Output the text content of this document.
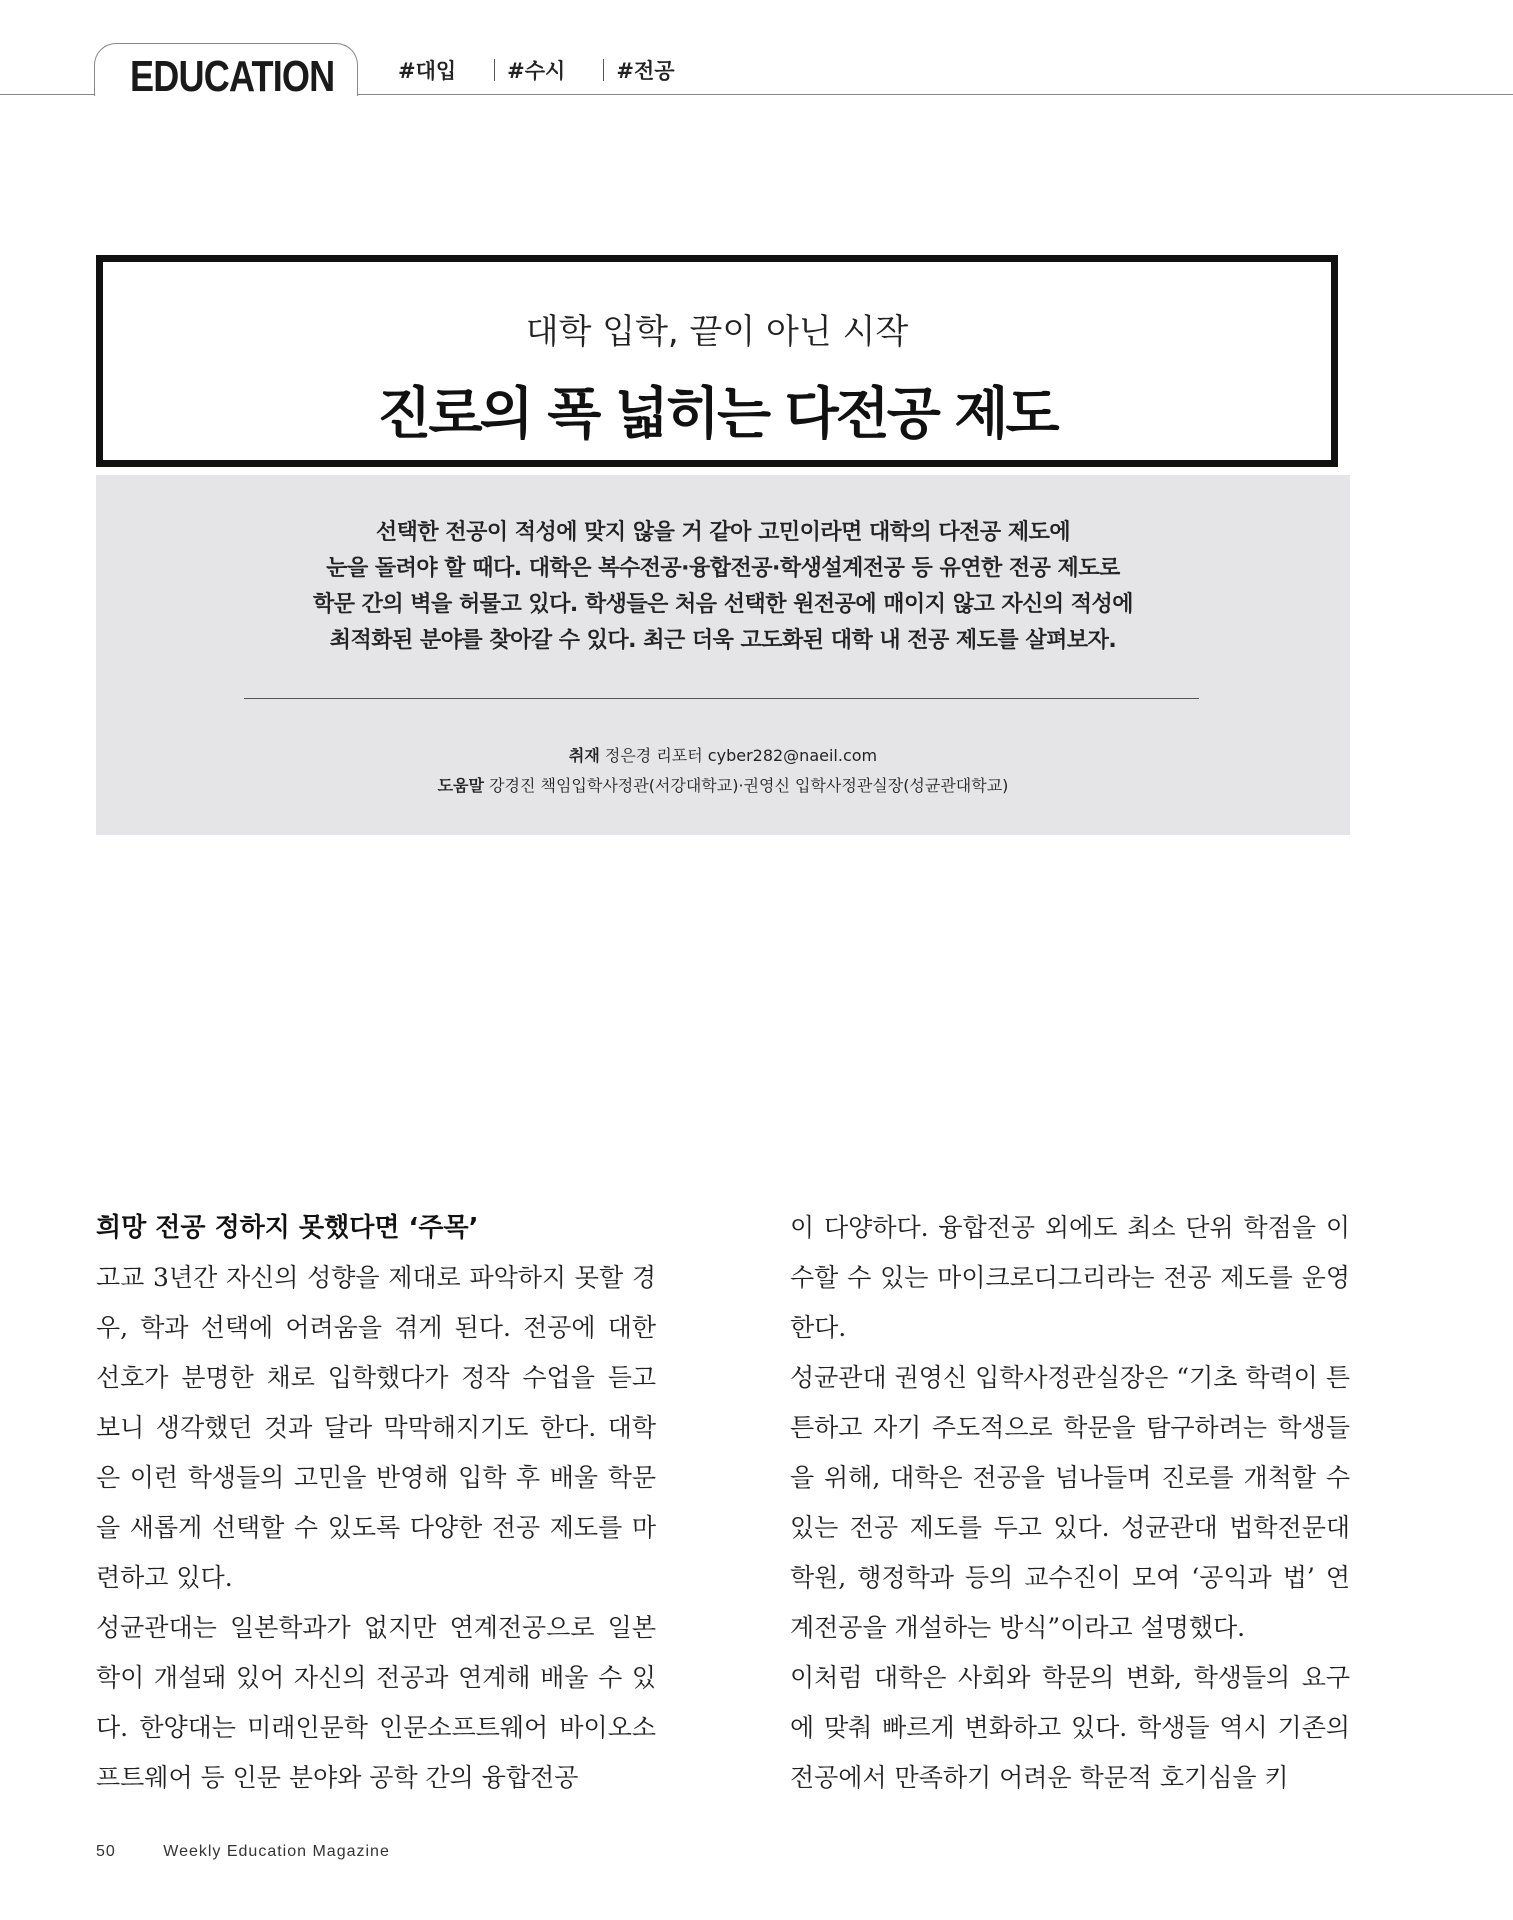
EDUCATION	#대입	#수시	#전공
대학 입학, 끝이 아닌 시작
진로의 폭 넓히는 다전공 제도
선택한 전공이 적성에 맞지 않을 거 같아 고민이라면 대학의 다전공 제도에
눈을 돌려야 할 때다. 대학은 복수전공·융합전공·학생설계전공 등 유연한 전공 제도로
학문 간의 벽을 허물고 있다. 학생들은 처음 선택한 원전공에 매이지 않고 자신의 적성에
최적화된 분야를 찾아갈 수 있다. 최근 더욱 고도화된 대학 내 전공 제도를 살펴보자.
취재 정은경 리포터 cyber282@naeil.com
도움말 강경진 책임입학사정관(서강대학교)·권영신 입학사정관실장(성균관대학교)
희망 전공 정하지 못했다면 ‘주목’

고교 3년간 자신의 성향을 제대로 파악하지 못할 경우, 학과 선택에 어려움을 겪게 된다. 전공에 대한 선호가 분명한 채로 입학했다가 정작 수업을 듣고 보니 생각했던 것과 달라 막막해지기도 한다. 대학은 이런 학생들의 고민을 반영해 입학 후 배울 학문을 새롭게 선택할 수 있도록 다양한 전공 제도를 마련하고 있다.

성균관대는 일본학과가 없지만 연계전공으로 일본학이 개설돼 있어 자신의 전공과 연계해 배울 수 있다. 한양대는 미래인문학 인문소프트웨어 바이오소프트웨어 등 인문 분야와 공학 간의 융합전공

이 다양하다. 융합전공 외에도 최소 단위 학점을 이수할 수 있는 마이크로디그리라는 전공 제도를 운영한다.

성균관대 권영신 입학사정관실장은 “기초 학력이 튼튼하고 자기 주도적으로 학문을 탐구하려는 학생들을 위해, 대학은 전공을 넘나들며 진로를 개척할 수 있는 전공 제도를 두고 있다. 성균관대 법학전문대학원, 행정학과 등의 교수진이 모여 ‘공익과 법’ 연계전공을 개설하는 방식”이라고 설명했다.

이처럼 대학은 사회와 학문의 변화, 학생들의 요구에 맞춰 빠르게 변화하고 있다. 학생들 역시 기존의 전공에서 만족하기 어려운 학문적 호기심을 키

50	Weekly Education Magazine
